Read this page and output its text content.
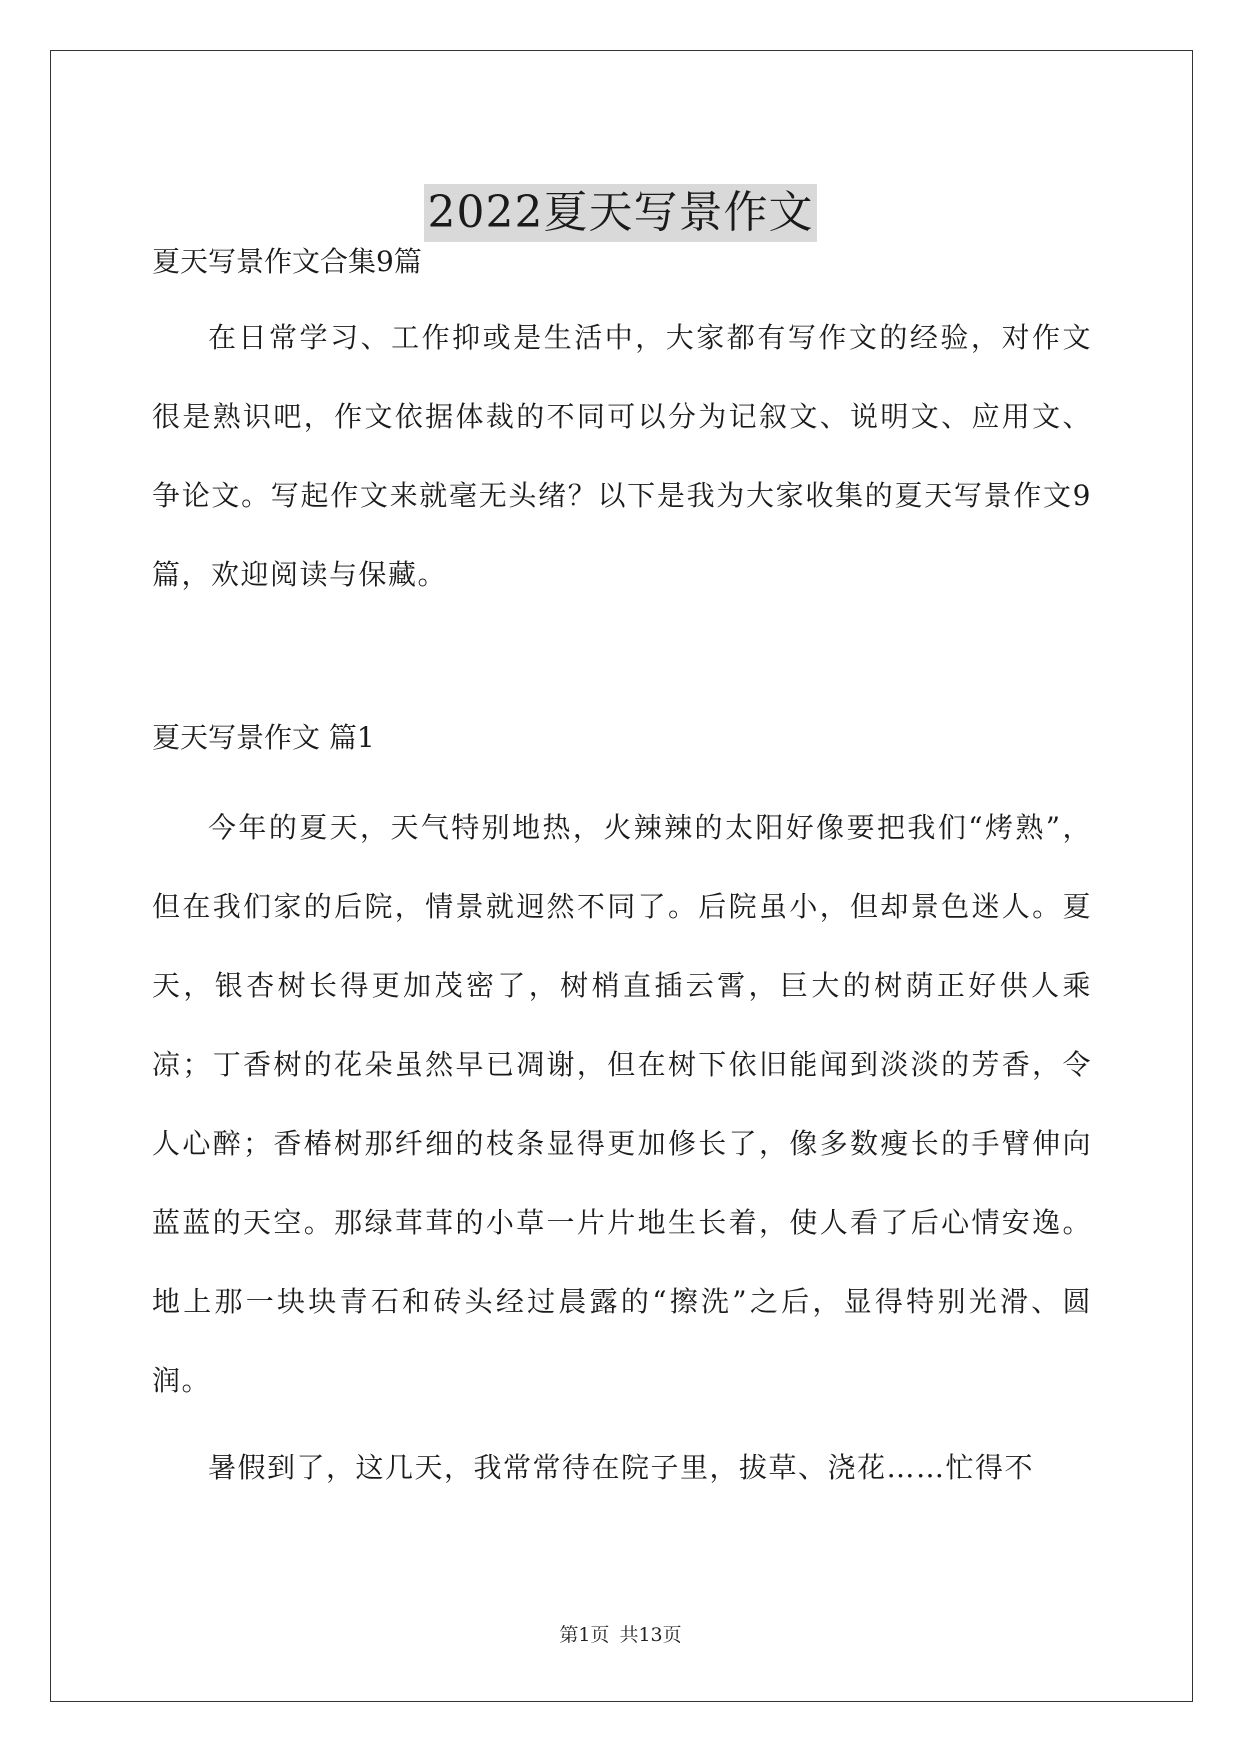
2022夏天写景作文

夏天写景作文合集9篇

在日常学习、工作抑或是生活中，大家都有写作文的经验，对作文很是熟识吧，作文依据体裁的不同可以分为记叙文、说明文、应用文、争论文。写起作文来就毫无头绪？以下是我为大家收集的夏天写景作文9篇，欢迎阅读与保藏。

夏天写景作文 篇1

今年的夏天，天气特别地热，火辣辣的太阳好像要把我们“烤熟”，但在我们家的后院，情景就迥然不同了。后院虽小，但却景色迷人。夏天，银杏树长得更加茂密了，树梢直插云霄，巨大的树荫正好供人乘凉；丁香树的花朵虽然早已凋谢，但在树下依旧能闻到淡淡的芳香，令人心醉；香椿树那纤细的枝条显得更加修长了，像多数瘦长的手臂伸向蓝蓝的天空。那绿茸茸的小草一片片地生长着，使人看了后心情安逸。地上那一块块青石和砖头经过晨露的“擦洗”之后，显得特别光滑、圆润。

暑假到了，这几天，我常常待在院子里，拔草、浇花……忙得不

第1页 共13页
